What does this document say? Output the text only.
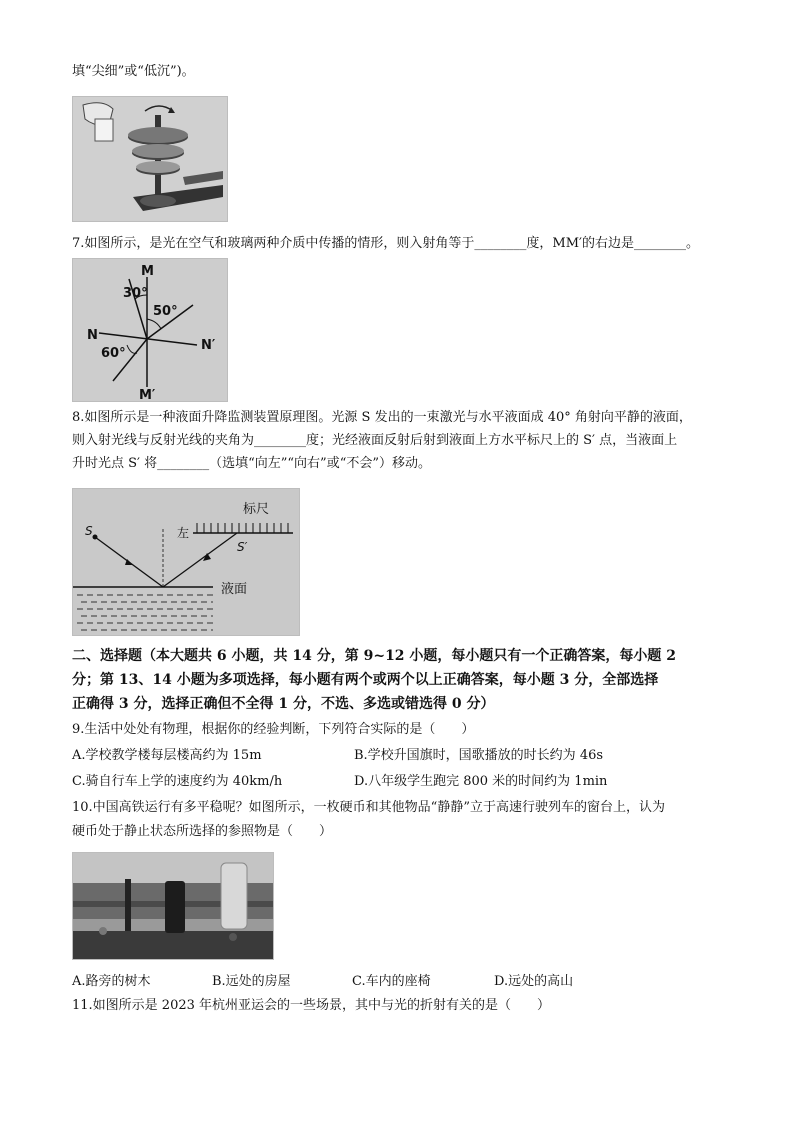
填“尖细”或“低沉”)。
7.如图所示，是光在空气和玻璃两种介质中传播的情形，则入射角等于________度，MM′的右边是________。
M
M′
N
N′
30°
50°
60°
8.如图所示是一种液面升降监测装置原理图。光源 S 发出的一束激光与水平液面成 40° 角射向平静的液面，
则入射光线与反射光线的夹角为________度；光经液面反射后射到液面上方水平标尺上的 S′ 点，当液面上
升时光点 S′ 将________（选填“向左”“向右”或“不会”）移动。
标尺
左
S
S′
液面
二、选择题（本大题共 6 小题，共 14 分，第 9~12 小题，每小题只有一个正确答案，每小题 2
分；第 13、14 小题为多项选择，每小题有两个或两个以上正确答案，每小题 3 分，全部选择
正确得 3 分，选择正确但不全得 1 分，不选、多选或错选得 0 分）
9.生活中处处有物理，根据你的经验判断，下列符合实际的是（　　）
A.学校教学楼每层楼高约为 15m	B.学校升国旗时，国歌播放的时长约为 46s
C.骑自行车上学的速度约为 40km/h	D.八年级学生跑完 800 米的时间约为 1min
10.中国高铁运行有多平稳呢？如图所示，一枚硬币和其他物品“静静”立于高速行驶列车的窗台上，认为
硬币处于静止状态所选择的参照物是（　　）
A.路旁的树木	B.远处的房屋	C.车内的座椅	D.远处的高山
11.如图所示是 2023 年杭州亚运会的一些场景，其中与光的折射有关的是（　　）
